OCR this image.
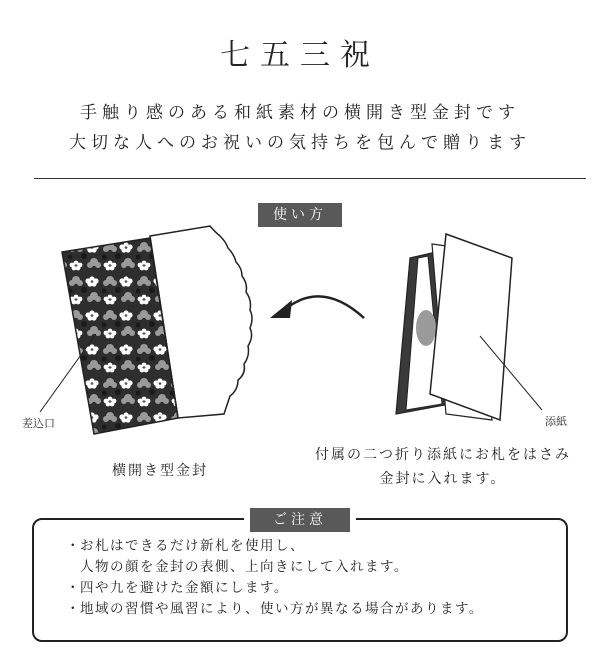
七五三祝
手触り感のある和紙素材の横開き型金封です
大切な人へのお祝いの気持ちを包んで贈ります
使い方
差込口	添紙
横開き型金封
付属の二つ折り添紙にお札をはさみ
金封に入れます。
ご注意
・ お札はできるだけ新札を使用し、
人物の顔を金封の表側、上向きにして入れます。
・ 四や九を避けた金額にします。
・ 地域の習慣や風習により、使い方が異なる場合があります。
